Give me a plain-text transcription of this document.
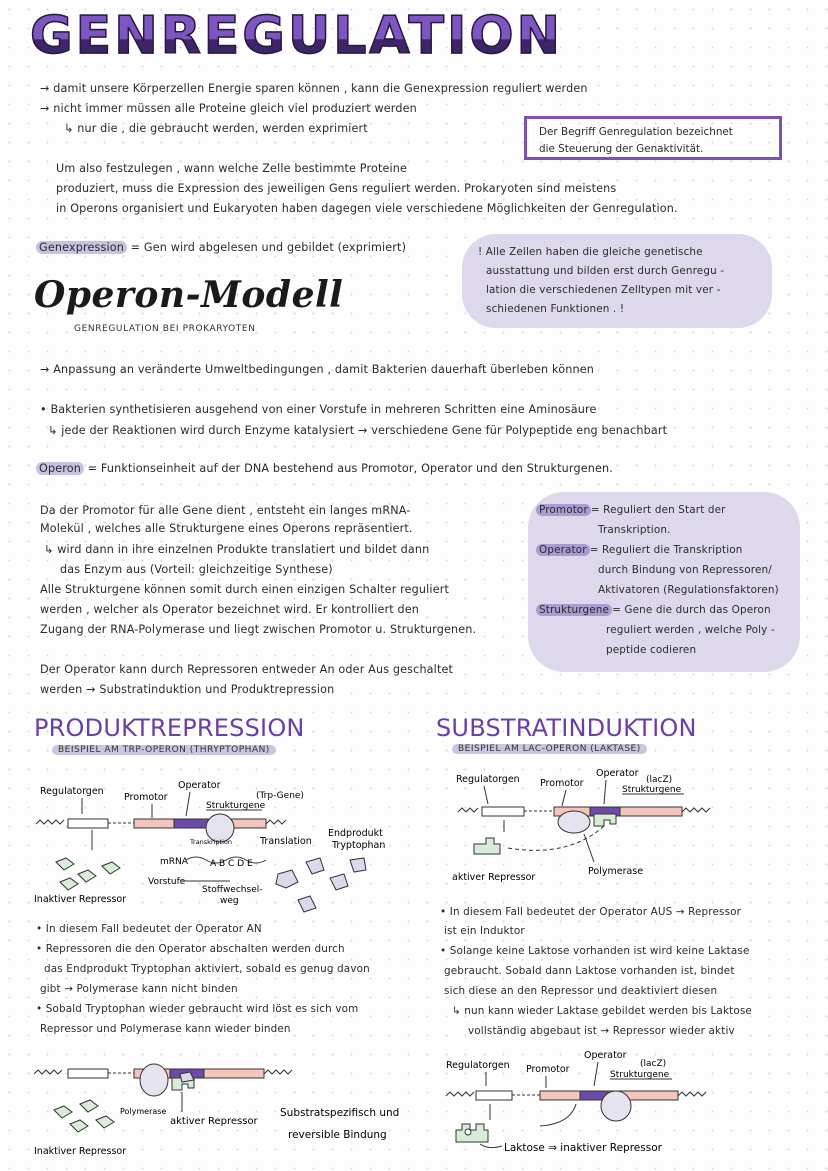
GENREGULATION
→ damit unsere Körperzellen Energie sparen können , kann die Genexpression reguliert werden
→ nicht immer müssen alle Proteine gleich viel produziert werden
↳ nur die , die gebraucht werden, werden exprimiert	Der Begriff Genregulation bezeichnet
die Steuerung der Genaktivität.
Um also festzulegen , wann welche Zelle bestimmte Proteine
produziert, muss die Expression des jeweiligen Gens reguliert werden. Prokaryoten sind meistens
in Operons organisiert und Eukaryoten haben dagegen viele verschiedene Möglichkeiten der Genregulation.
Genexpression = Gen wird abgelesen und gebildet (exprimiert)	! Alle Zellen haben die gleiche genetische
ausstattung und bilden erst durch Genregu -
lation die verschiedenen Zelltypen mit ver -
schiedenen Funktionen . !
Operon-Modell
GENREGULATION BEI PROKARYOTEN
→ Anpassung an veränderte Umweltbedingungen , damit Bakterien dauerhaft überleben können
• Bakterien synthetisieren ausgehend von einer Vorstufe in mehreren Schritten eine Aminosäure
↳ jede der Reaktionen wird durch Enzyme katalysiert → verschiedene Gene für Polypeptide eng benachbart
Operon = Funktionseinheit auf der DNA bestehend aus Promotor, Operator und den Strukturgenen.
Da der Promotor für alle Gene dient , entsteht ein langes mRNA-
Molekül , welches alle Strukturgene eines Operons repräsentiert.
↳ wird dann in ihre einzelnen Produkte translatiert und bildet dann
das Enzym aus (Vorteil: gleichzeitige Synthese)
Alle Strukturgene können somit durch einen einzigen Schalter reguliert
werden , welcher als Operator bezeichnet wird. Er kontrolliert den
Zugang der RNA-Polymerase und liegt zwischen Promotor u. Strukturgenen.
Der Operator kann durch Repressoren entweder An oder Aus geschaltet
werden → Substratinduktion und Produktrepression
Promotor = Reguliert den Start der
Transkription.
Operator = Reguliert die Transkription
durch Bindung von Repressoren/
Aktivatoren (Regulationsfaktoren)
Strukturgene = Gene die durch das Operon
reguliert werden , welche Poly -
peptide codieren
PRODUKTREPRESSION
BEISPIEL AM TRP-OPERON (THRYPTOPHAN)
Regulatorgen
Promotor
Operator
(Trp-Gene)
Strukturgene
Transkription	Translation
Endprodukt
Tryptophan
mRNA A B C D E
Vorstufe
Stoffwechsel-
weg
Inaktiver Repressor
• In diesem Fall bedeutet der Operator AN
• Repressoren die den Operator abschalten werden durch
das Endprodukt Tryptophan aktiviert, sobald es genug davon
gibt → Polymerase kann nicht binden
• Sobald Tryptophan wieder gebraucht wird löst es sich vom
Repressor und Polymerase kann wieder binden
Polymerase
aktiver Repressor
Substratspezifisch und
reversible Bindung
Inaktiver Repressor
SUBSTRATINDUKTION
BEISPIEL AM LAC-OPERON (LAKTASE)
Regulatorgen Promotor
Operator
(lacZ)
Strukturgene
aktiver Repressor
Polymerase
• In diesem Fall bedeutet der Operator AUS → Repressor
ist ein Induktor
• Solange keine Laktose vorhanden ist wird keine Laktase
gebraucht. Sobald dann Laktose vorhanden ist, bindet
sich diese an den Repressor und deaktiviert diesen
↳ nun kann wieder Laktase gebildet werden bis Laktose
vollständig abgebaut ist → Repressor wieder aktiv
Regulatorgen Promotor
Operator
(lacZ)
Strukturgene
Laktose ⇒ inaktiver Repressor
